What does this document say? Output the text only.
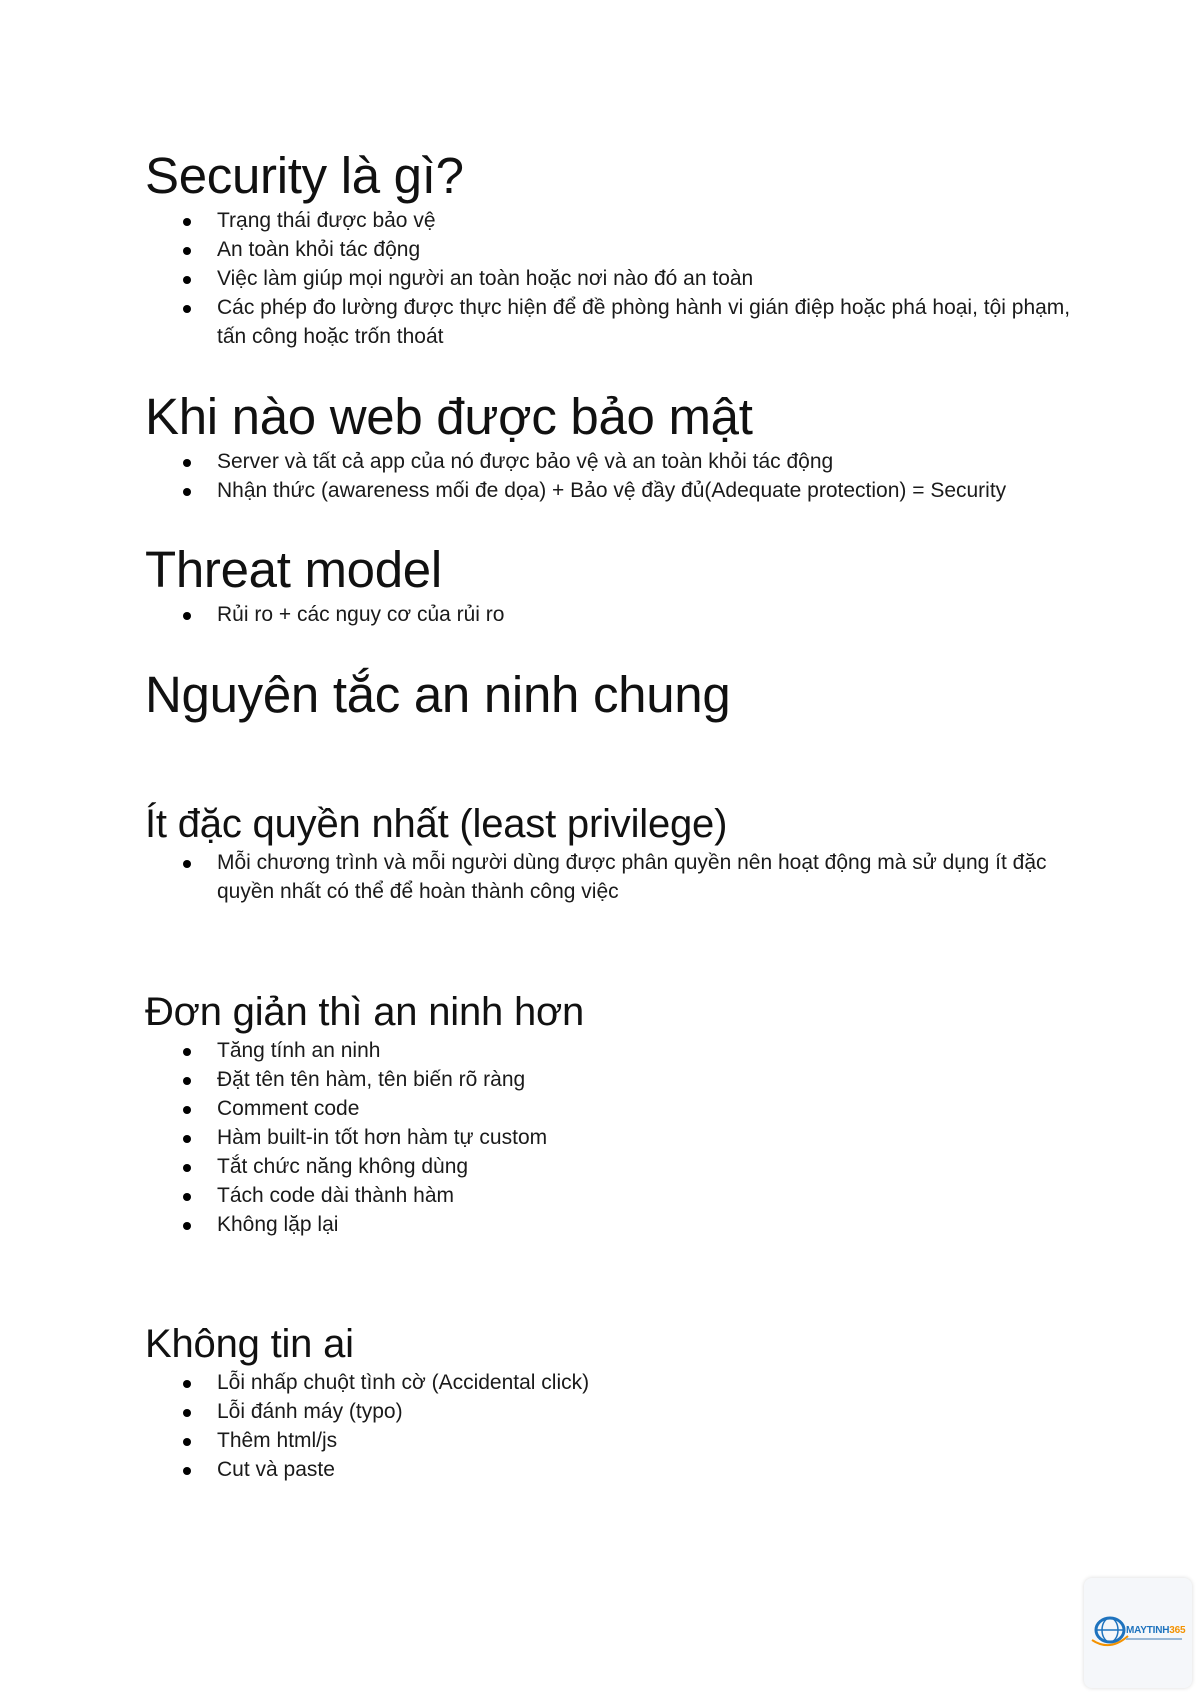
Security là gì?
Trạng thái được bảo vệ
An toàn khỏi tác động
Việc làm giúp mọi người an toàn hoặc nơi nào đó an toàn
Các phép đo lường được thực hiện để đề phòng hành vi gián điệp hoặc phá hoại, tội phạm, tấn công hoặc trốn thoát
Khi nào web được bảo mật
Server và tất cả app của nó được bảo vệ và an toàn khỏi tác động
Nhận thức (awareness mối đe dọa) + Bảo vệ đầy đủ(Adequate protection) = Security
Threat model
Rủi ro + các nguy cơ của rủi ro
Nguyên tắc an ninh chung
Ít đặc quyền nhất (least privilege)
Mỗi chương trình và mỗi người dùng được phân quyền nên hoạt động mà sử dụng ít đặc quyền nhất có thể để hoàn thành công việc
Đơn giản thì an ninh hơn
Tăng tính an ninh
Đặt tên tên hàm, tên biến rõ ràng
Comment code
Hàm built-in tốt hơn hàm tự custom
Tắt chức năng không dùng
Tách code dài thành hàm
Không lặp lại
Không tin ai
Lỗi nhấp chuột tình cờ (Accidental click)
Lỗi đánh máy (typo)
Thêm html/js
Cut và paste
MAYTINH365
